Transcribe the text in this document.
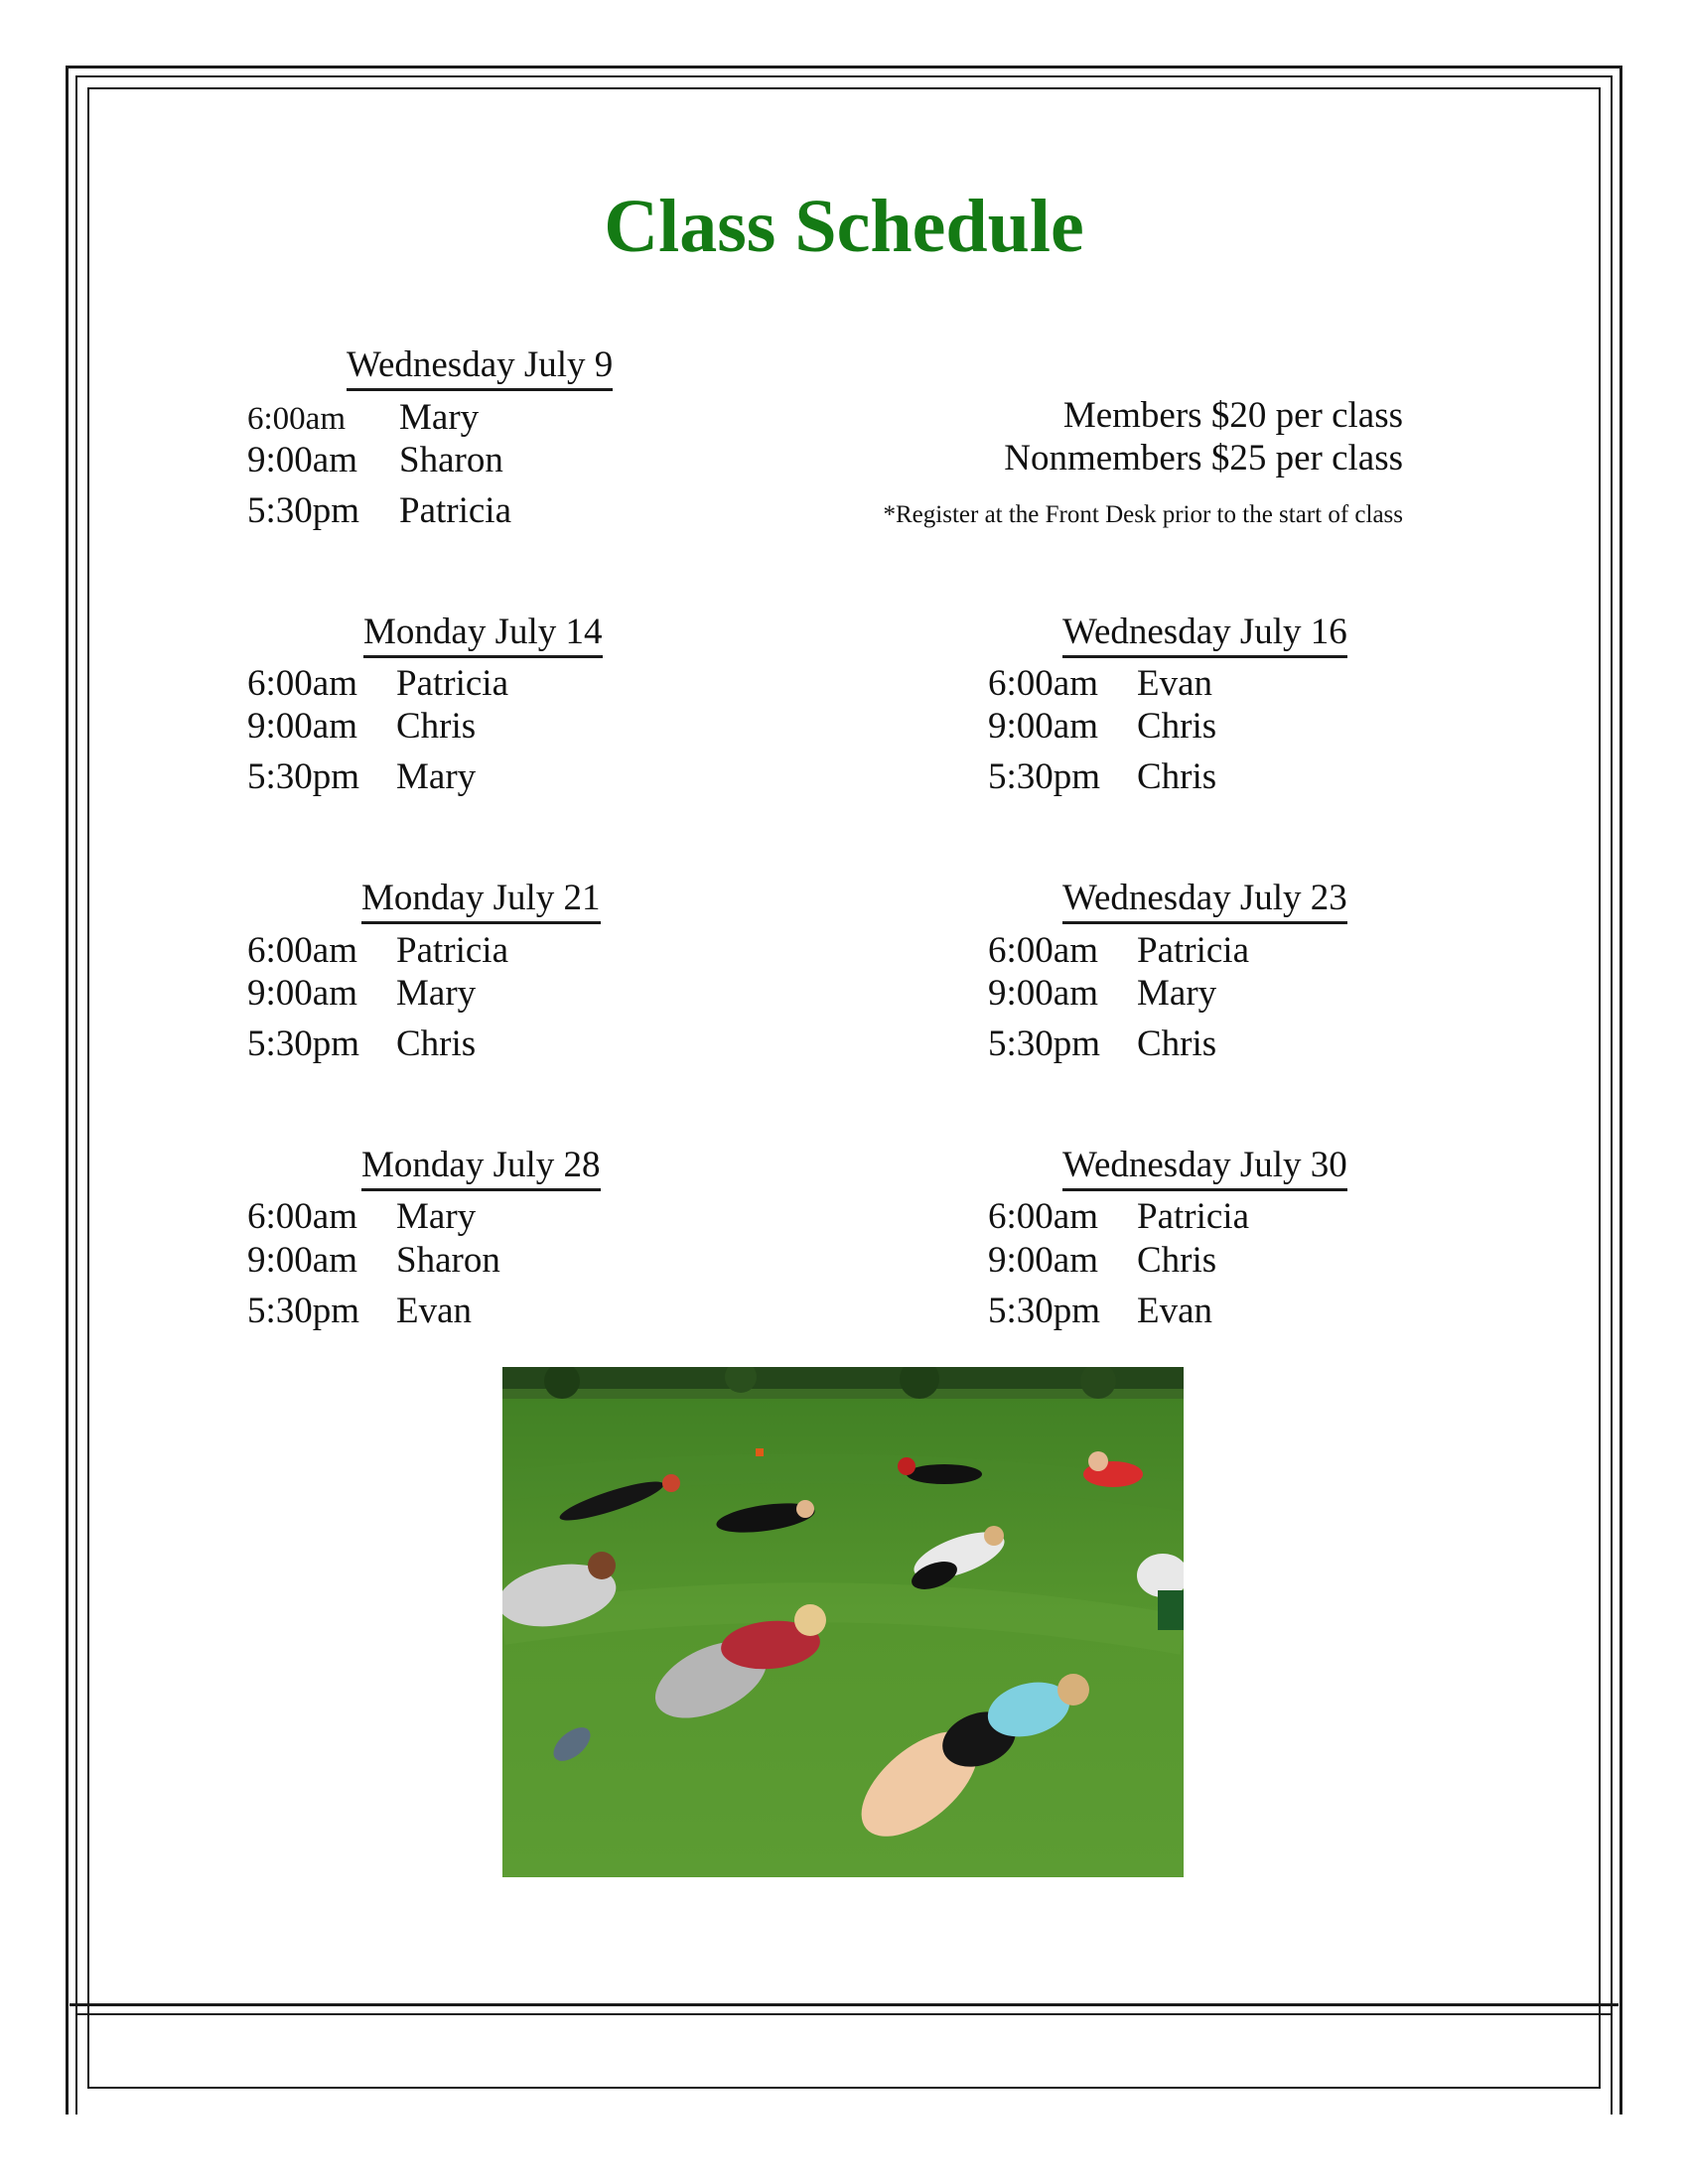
Class Schedule
Wednesday July 9
6:00am Mary
9:00am Sharon
5:30pm Patricia
Members $20 per class
Nonmembers $25 per class
*Register at the Front Desk prior to the start of class
Monday July 14
6:00am Patricia
9:00am Chris
5:30pm Mary
Wednesday July 16
6:00am Evan
9:00am Chris
5:30pm Chris
Monday July 21
6:00am Patricia
9:00am Mary
5:30pm Chris
Wednesday July 23
6:00am Patricia
9:00am Mary
5:30pm Chris
Monday July 28
6:00am Mary
9:00am Sharon
5:30pm Evan
Wednesday July 30
6:00am Patricia
9:00am Chris
5:30pm Evan
